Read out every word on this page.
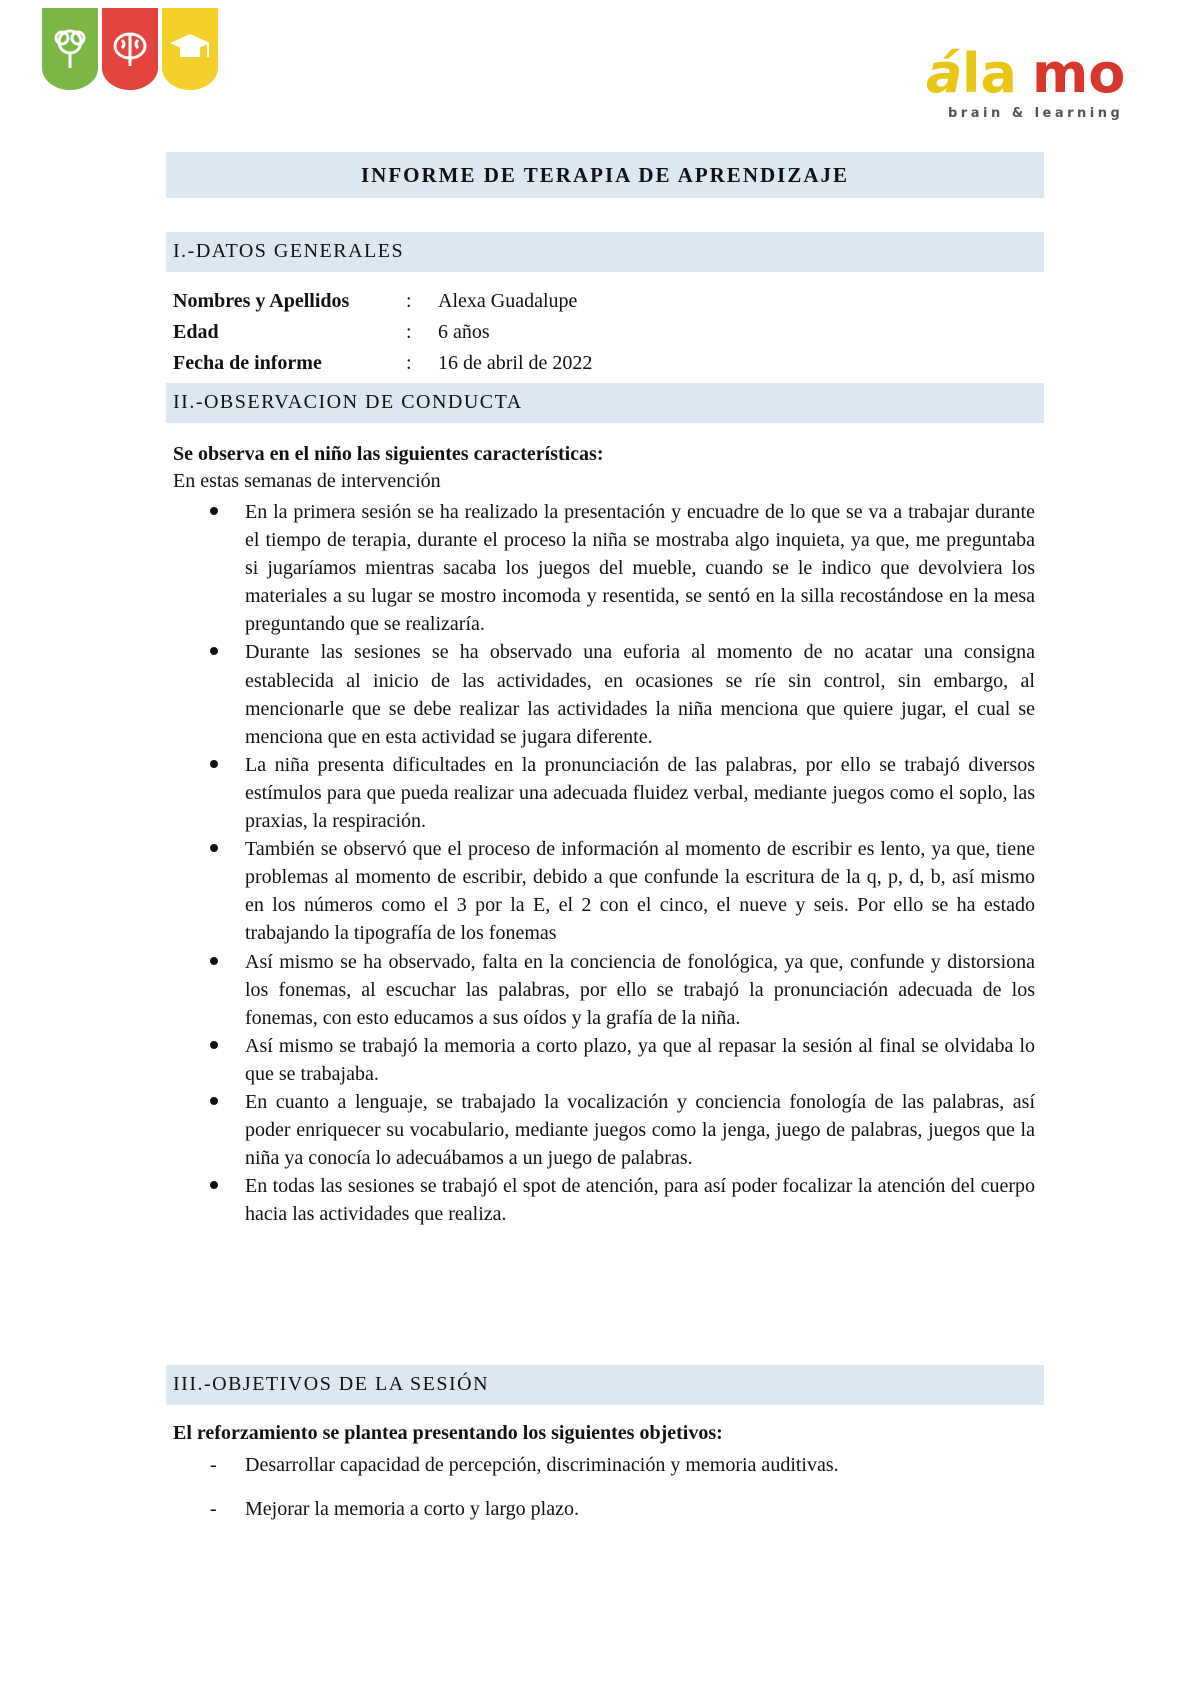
á la mo
brain & learning
INFORME DE TERAPIA DE APRENDIZAJE
I.-DATOS GENERALES
Nombres y Apellidos	: Alexa Guadalupe
Edad	: 6 años
Fecha de informe	: 16 de abril de 2022
II.-OBSERVACION DE CONDUCTA
Se observa en el niño las siguientes características:
En estas semanas de intervención
En la primera sesión se ha realizado la presentación y encuadre de lo que se va a trabajar durante el tiempo de terapia, durante el proceso la niña se mostraba algo inquieta, ya que, me preguntaba si jugaríamos mientras sacaba los juegos del mueble, cuando se le indico que devolviera los materiales a su lugar se mostro incomoda y resentida, se sentó en la silla recostándose en la mesa preguntando que se realizaría.
Durante las sesiones se ha observado una euforia al momento de no acatar una consigna establecida al inicio de las actividades, en ocasiones se ríe sin control, sin embargo, al mencionarle que se debe realizar las actividades la niña menciona que quiere jugar, el cual se menciona que en esta actividad se jugara diferente.
La niña presenta dificultades en la pronunciación de las palabras, por ello se trabajó diversos estímulos para que pueda realizar una adecuada fluidez verbal, mediante juegos como el soplo, las praxias, la respiración.
También se observó que el proceso de información al momento de escribir es lento, ya que, tiene problemas al momento de escribir, debido a que confunde la escritura de la q, p, d, b, así mismo en los números como el 3 por la E, el 2 con el cinco, el nueve y seis. Por ello se ha estado trabajando la tipografía de los fonemas
Así mismo se ha observado, falta en la conciencia de fonológica, ya que, confunde y distorsiona los fonemas, al escuchar las palabras, por ello se trabajó la pronunciación adecuada de los fonemas, con esto educamos a sus oídos y la grafía de la niña.
Así mismo se trabajó la memoria a corto plazo, ya que al repasar la sesión al final se olvidaba lo que se trabajaba.
En cuanto a lenguaje, se trabajado la vocalización y conciencia fonología de las palabras, así poder enriquecer su vocabulario, mediante juegos como la jenga, juego de palabras, juegos que la niña ya conocía lo adecuábamos a un juego de palabras.
En todas las sesiones se trabajó el spot de atención, para así poder focalizar la atención del cuerpo hacia las actividades que realiza.
III.-OBJETIVOS DE LA SESIÓN
El reforzamiento se plantea presentando los siguientes objetivos:
- Desarrollar capacidad de percepción, discriminación y memoria auditivas.
- Mejorar la memoria a corto y largo plazo.
